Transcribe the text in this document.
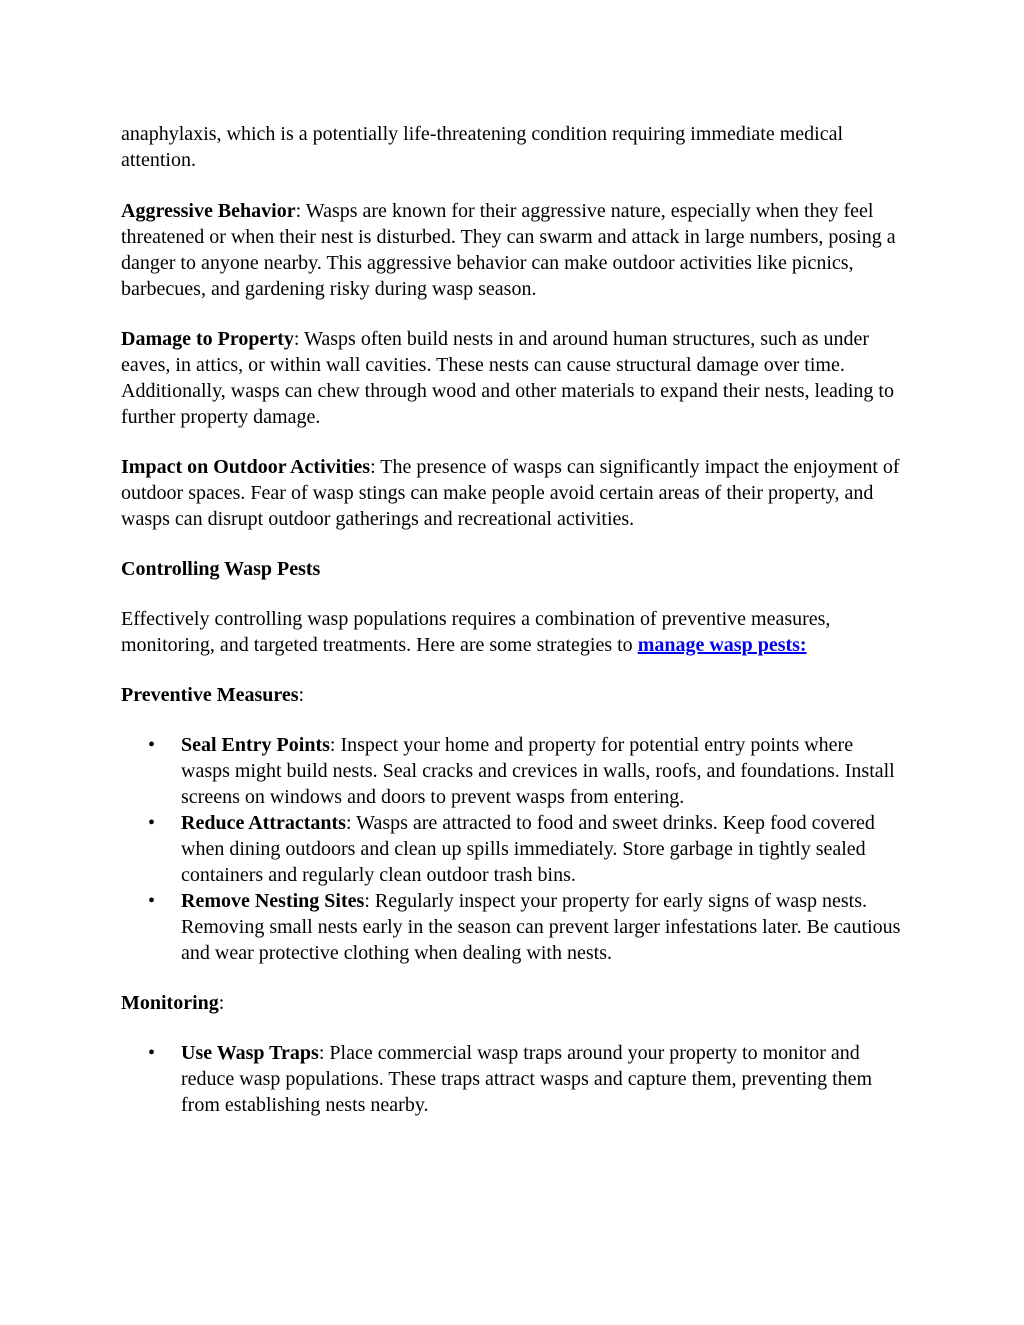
anaphylaxis, which is a potentially life-threatening condition requiring immediate medical attention.

Aggressive Behavior: Wasps are known for their aggressive nature, especially when they feel threatened or when their nest is disturbed. They can swarm and attack in large numbers, posing a danger to anyone nearby. This aggressive behavior can make outdoor activities like picnics, barbecues, and gardening risky during wasp season.

Damage to Property: Wasps often build nests in and around human structures, such as under eaves, in attics, or within wall cavities. These nests can cause structural damage over time. Additionally, wasps can chew through wood and other materials to expand their nests, leading to further property damage.

Impact on Outdoor Activities: The presence of wasps can significantly impact the enjoyment of outdoor spaces. Fear of wasp stings can make people avoid certain areas of their property, and wasps can disrupt outdoor gatherings and recreational activities.

Controlling Wasp Pests

Effectively controlling wasp populations requires a combination of preventive measures, monitoring, and targeted treatments. Here are some strategies to manage wasp pests:

Preventive Measures:

• Seal Entry Points: Inspect your home and property for potential entry points where wasps might build nests. Seal cracks and crevices in walls, roofs, and foundations. Install screens on windows and doors to prevent wasps from entering.
• Reduce Attractants: Wasps are attracted to food and sweet drinks. Keep food covered when dining outdoors and clean up spills immediately. Store garbage in tightly sealed containers and regularly clean outdoor trash bins.
• Remove Nesting Sites: Regularly inspect your property for early signs of wasp nests. Removing small nests early in the season can prevent larger infestations later. Be cautious and wear protective clothing when dealing with nests.

Monitoring:

• Use Wasp Traps: Place commercial wasp traps around your property to monitor and reduce wasp populations. These traps attract wasps and capture them, preventing them from establishing nests nearby.
